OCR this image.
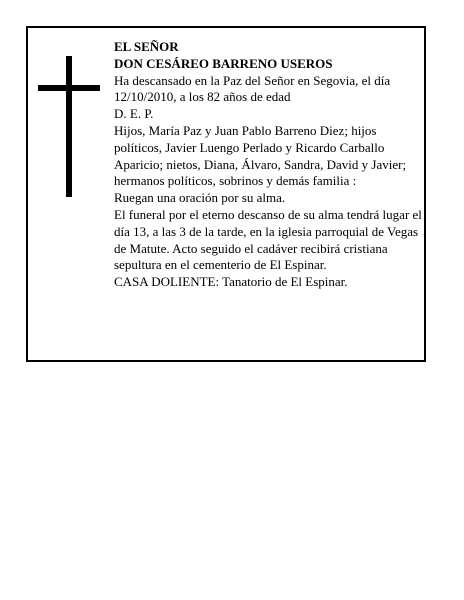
EL SEÑOR

DON CESÁREO BARRENO USEROS

Ha descansado en la Paz del Señor en Segovia, el día 12/10/2010, a los 82 años de edad

D. E. P.

Hijos, María Paz y Juan Pablo Barreno Diez; hijos políticos, Javier Luengo Perlado y Ricardo Carballo Aparicio; nietos, Diana, Álvaro, Sandra, David y Javier; hermanos políticos, sobrinos y demás familia :

Ruegan una oración por su alma.

El funeral por el eterno descanso de su alma tendrá lugar el día 13, a las 3 de la tarde, en la iglesia parroquial de Vegas de Matute. Acto seguido el cadáver recibirá cristiana sepultura en el cementerio de El Espinar.

CASA DOLIENTE: Tanatorio de El Espinar.
